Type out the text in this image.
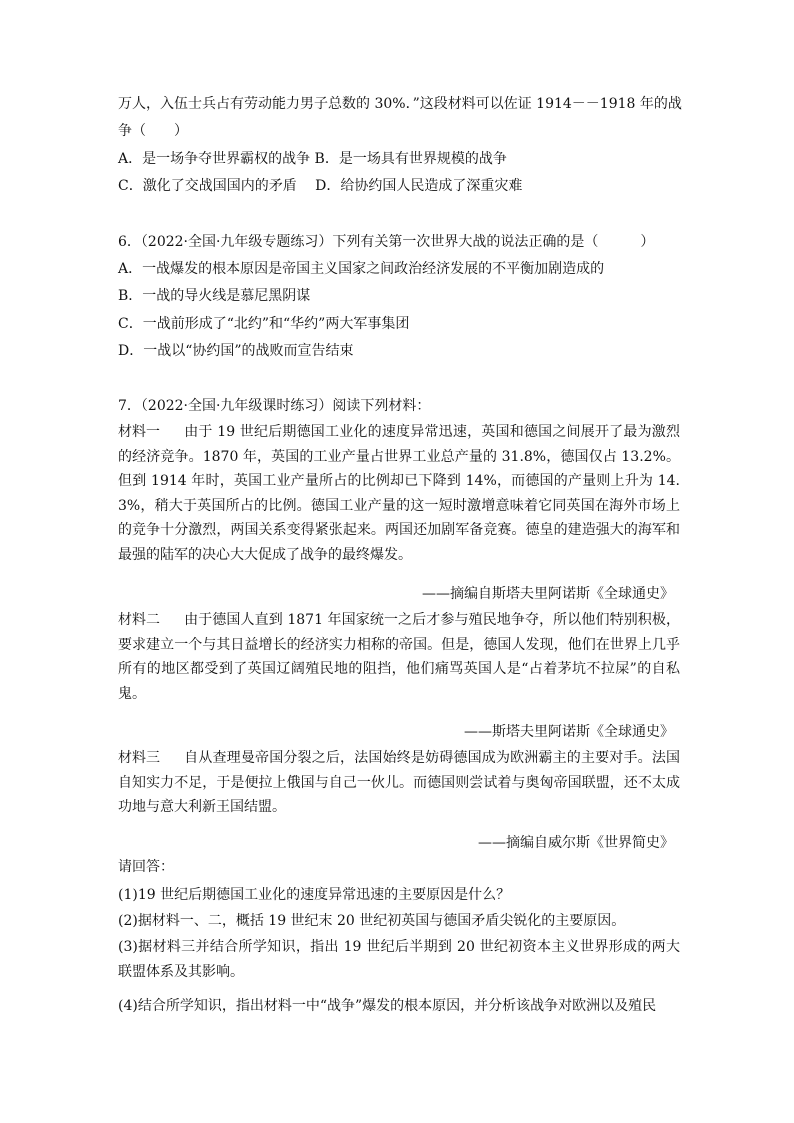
万人，入伍士兵占有劳动能力男子总数的 30%．”这段材料可以佐证 1914－－1918 年的战
争（　　）
A．是一场争夺世界霸权的战争 B．是一场具有世界规模的战争
C．激化了交战国国内的矛盾　 D．给协约国人民造成了深重灾难
6．（2022·全国·九年级专题练习）下列有关第一次世界大战的说法正确的是（　　　）
A．一战爆发的根本原因是帝国主义国家之间政治经济发展的不平衡加剧造成的
B．一战的导火线是慕尼黑阴谋
C．一战前形成了“北约”和“华约”两大军事集团
D．一战以“协约国”的战败而宣告结束
7．（2022·全国·九年级课时练习）阅读下列材料：
材料一 由于 19 世纪后期德国工业化的速度异常迅速，英国和德国之间展开了最为激烈的经济竞争。1870 年，英国的工业产量占世界工业总产量的 31.8%，德国仅占 13.2%。但到 1914 年时，英国工业产量所占的比例却已下降到 14%，而德国的产量则上升为 14.3%，稍大于英国所占的比例。德国工业产量的这一短时激增意味着它同英国在海外市场上的竞争十分激烈，两国关系变得紧张起来。两国还加剧军备竞赛。德皇的建造强大的海军和最强的陆军的决心大大促成了战争的最终爆发。
——摘编自斯塔夫里阿诺斯《全球通史》
材料二 由于德国人直到 1871 年国家统一之后才参与殖民地争夺，所以他们特别积极，要求建立一个与其日益增长的经济实力相称的帝国。但是，德国人发现，他们在世界上几乎所有的地区都受到了英国辽阔殖民地的阻挡，他们痛骂英国人是“占着茅坑不拉屎”的自私鬼。
——斯塔夫里阿诺斯《全球通史》
材料三 自从查理曼帝国分裂之后，法国始终是妨碍德国成为欧洲霸主的主要对手。法国自知实力不足，于是便拉上俄国与自己一伙儿。而德国则尝试着与奥匈帝国联盟，还不太成功地与意大利新王国结盟。
——摘编自威尔斯《世界简史》
请回答：
(1)19 世纪后期德国工业化的速度异常迅速的主要原因是什么？
(2)据材料一、二，概括 19 世纪末 20 世纪初英国与德国矛盾尖锐化的主要原因。
(3)据材料三并结合所学知识，指出 19 世纪后半期到 20 世纪初资本主义世界形成的两大联盟体系及其影响。
(4)结合所学知识，指出材料一中“战争”爆发的根本原因，并分析该战争对欧洲以及殖民
